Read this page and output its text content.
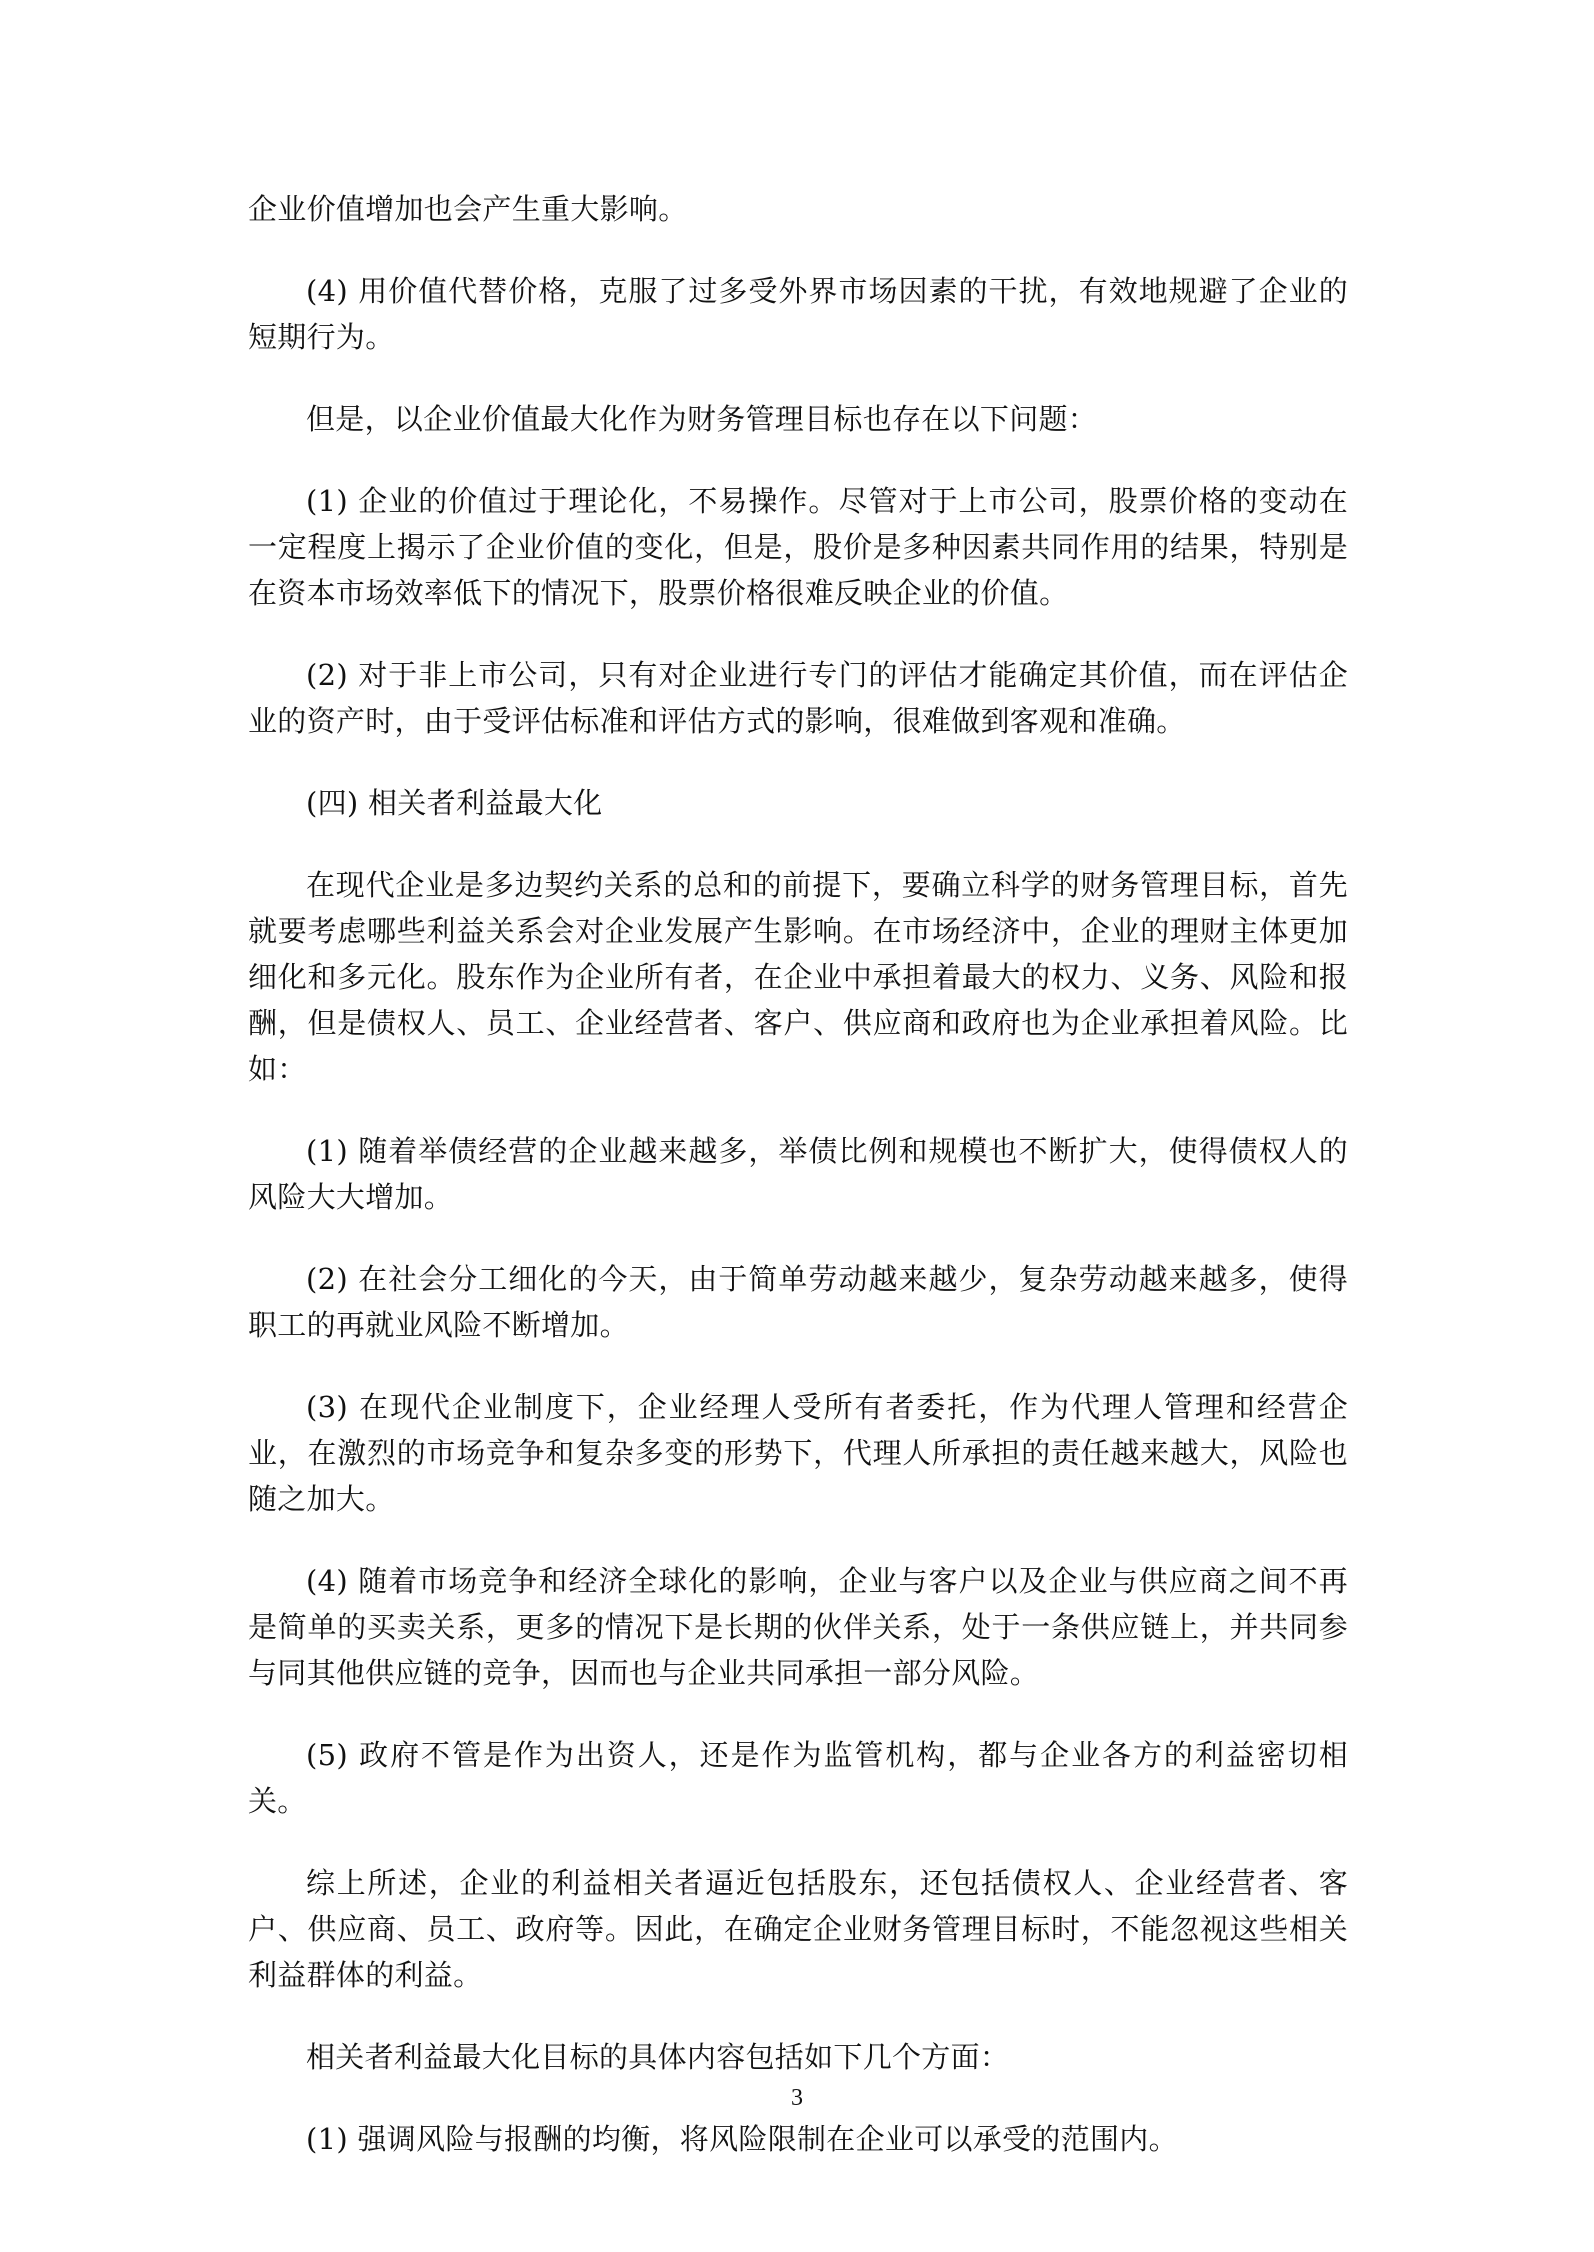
企业价值增加也会产生重大影响。

(4) 用价值代替价格，克服了过多受外界市场因素的干扰，有效地规避了企业的短期行为。

但是，以企业价值最大化作为财务管理目标也存在以下问题：

(1) 企业的价值过于理论化，不易操作。尽管对于上市公司，股票价格的变动在一定程度上揭示了企业价值的变化，但是，股价是多种因素共同作用的结果，特别是在资本市场效率低下的情况下，股票价格很难反映企业的价值。

(2) 对于非上市公司，只有对企业进行专门的评估才能确定其价值，而在评估企业的资产时，由于受评估标准和评估方式的影响，很难做到客观和准确。

(四) 相关者利益最大化

在现代企业是多边契约关系的总和的前提下，要确立科学的财务管理目标，首先就要考虑哪些利益关系会对企业发展产生影响。在市场经济中，企业的理财主体更加细化和多元化。股东作为企业所有者，在企业中承担着最大的权力、义务、风险和报酬，但是债权人、员工、企业经营者、客户、供应商和政府也为企业承担着风险。比如：

(1) 随着举债经营的企业越来越多，举债比例和规模也不断扩大，使得债权人的风险大大增加。

(2) 在社会分工细化的今天，由于简单劳动越来越少，复杂劳动越来越多，使得职工的再就业风险不断增加。

(3) 在现代企业制度下，企业经理人受所有者委托，作为代理人管理和经营企业，在激烈的市场竞争和复杂多变的形势下，代理人所承担的责任越来越大，风险也随之加大。

(4) 随着市场竞争和经济全球化的影响，企业与客户以及企业与供应商之间不再是简单的买卖关系，更多的情况下是长期的伙伴关系，处于一条供应链上，并共同参与同其他供应链的竞争，因而也与企业共同承担一部分风险。

(5) 政府不管是作为出资人，还是作为监管机构，都与企业各方的利益密切相关。

综上所述，企业的利益相关者逼近包括股东，还包括债权人、企业经营者、客户、供应商、员工、政府等。因此，在确定企业财务管理目标时，不能忽视这些相关利益群体的利益。

相关者利益最大化目标的具体内容包括如下几个方面：

(1) 强调风险与报酬的均衡，将风险限制在企业可以承受的范围内。

3
